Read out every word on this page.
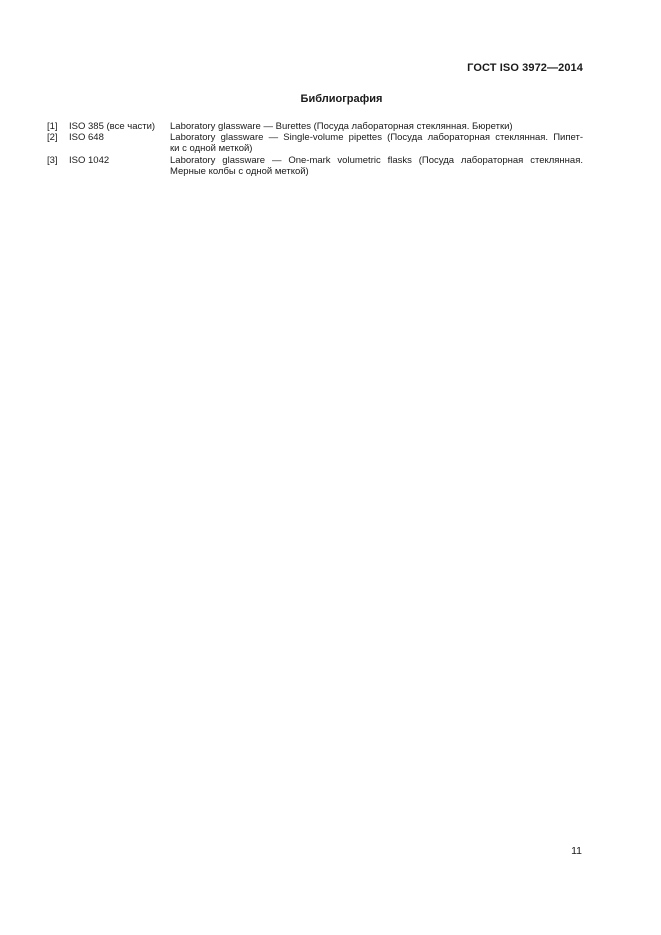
ГОСТ ISO 3972—2014
Библиография
[1]	ISO 385 (все части)	Laboratory glassware — Burettes (Посуда лабораторная стеклянная. Бюретки)
[2]	ISO 648	Laboratory glassware — Single-volume pipettes (Посуда лабораторная стеклянная. Пипет-
ки с одной меткой)
[3]	ISO 1042	Laboratory glassware — One-mark volumetric flasks (Посуда лабораторная стеклянная.
Мерные колбы с одной меткой)
11
